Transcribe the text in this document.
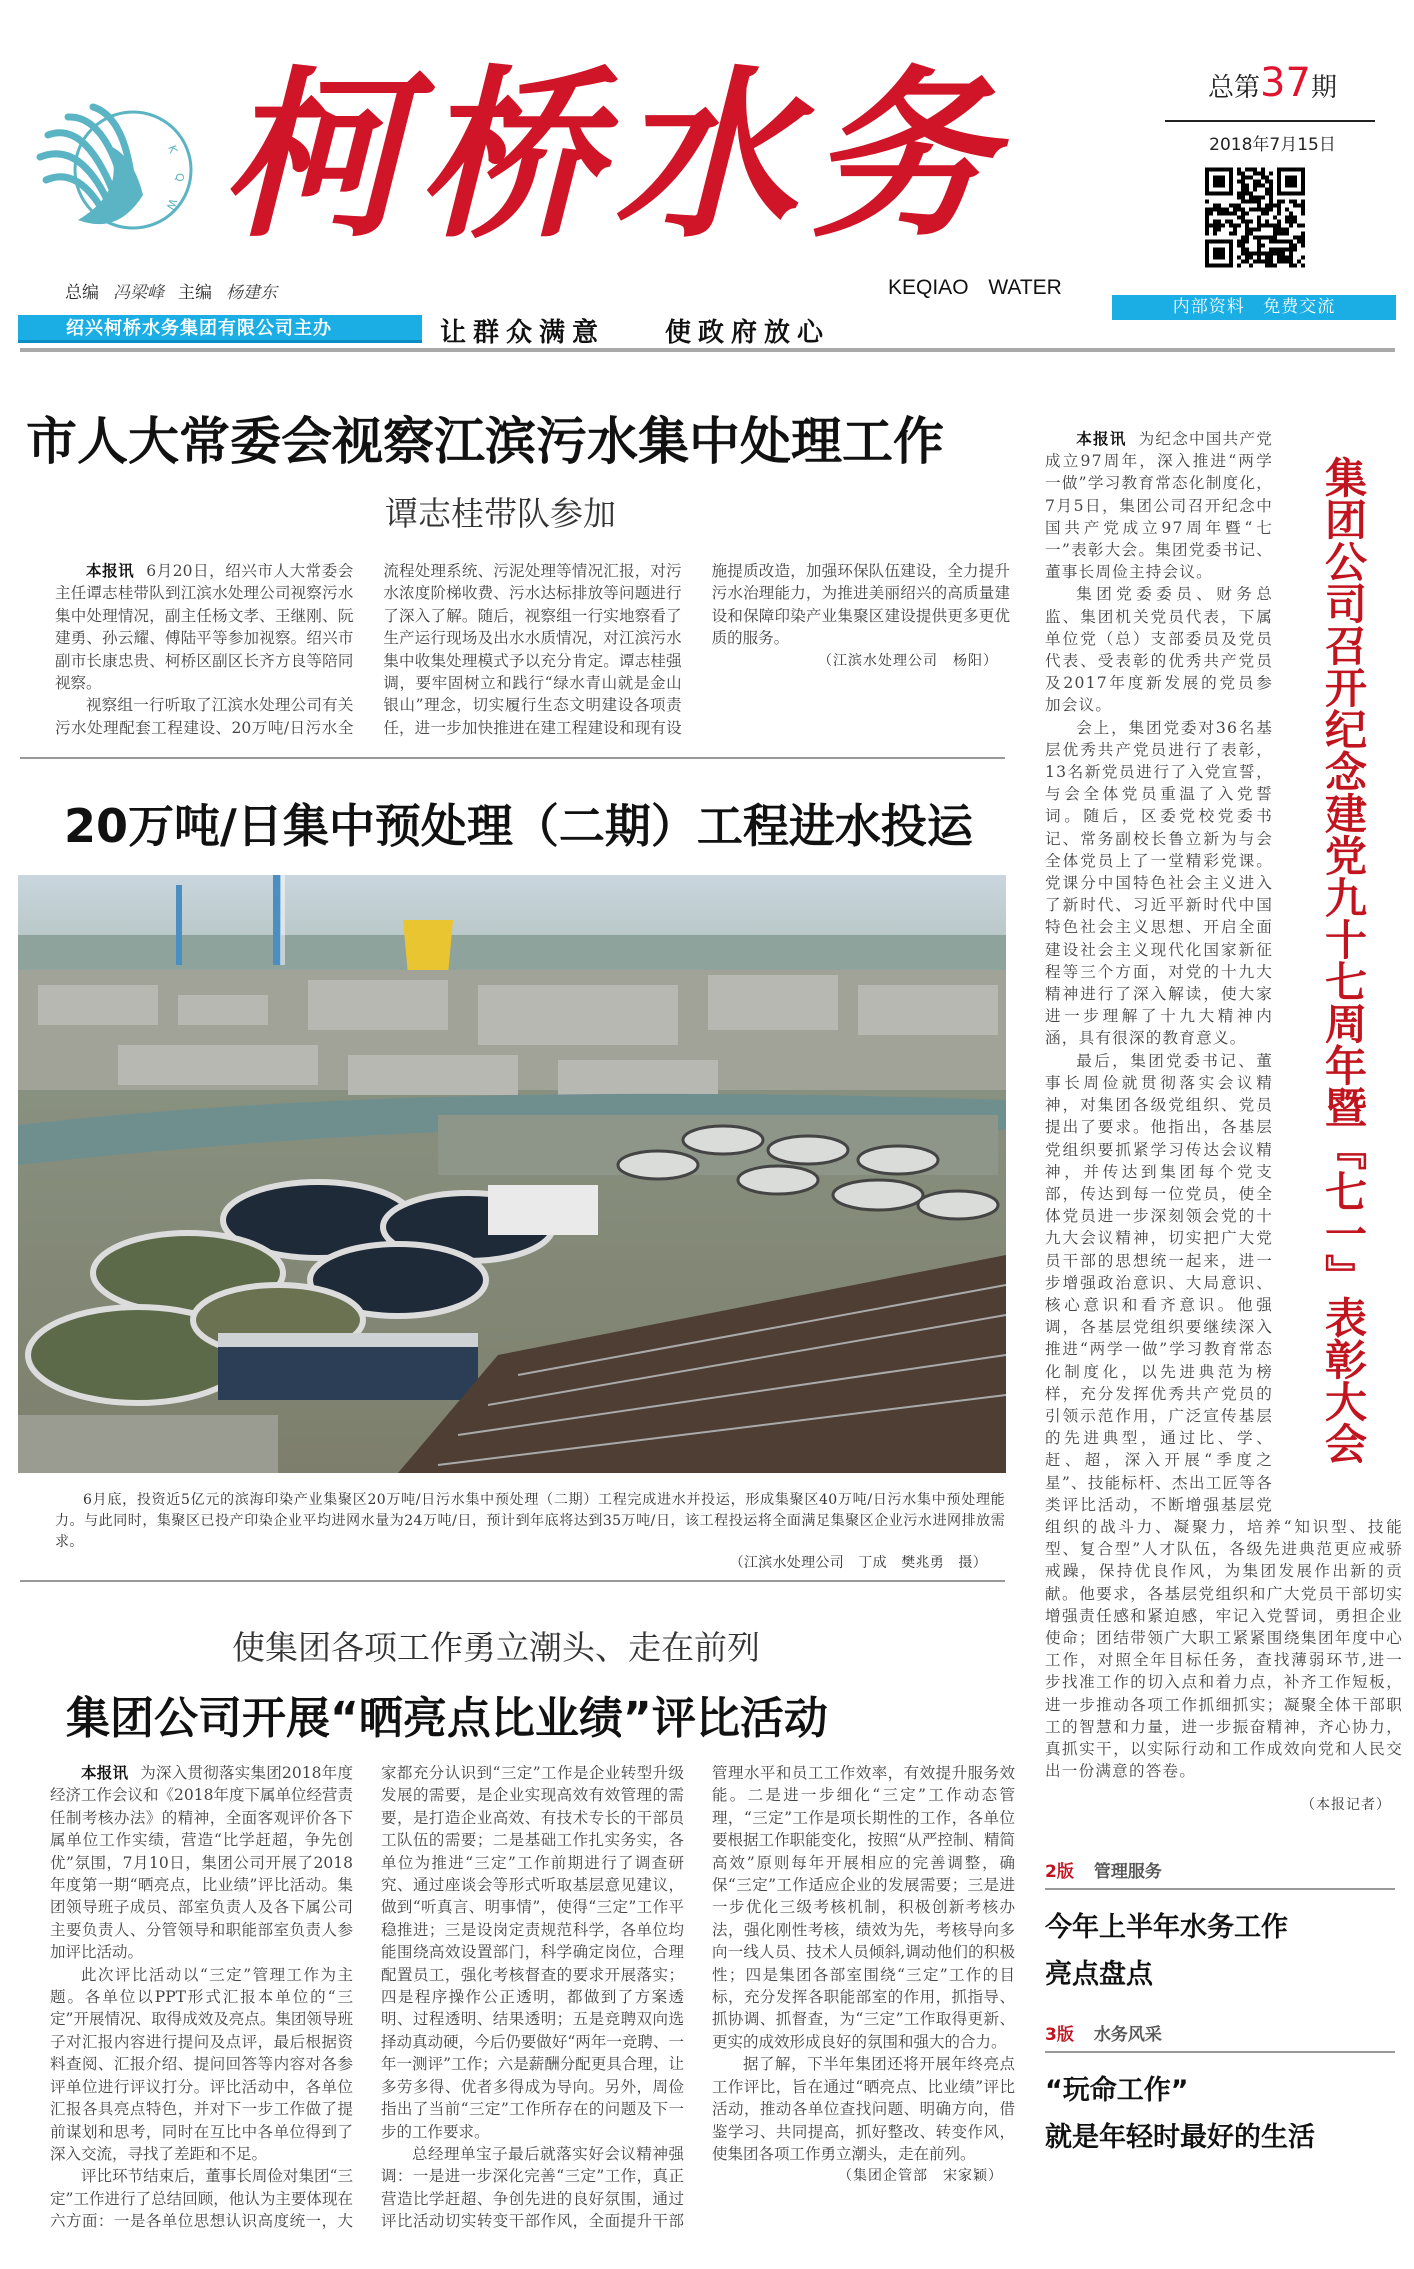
K
Q
W 柯桥水务	总第37期
2018年7月15日
总编 冯梁峰 主编 杨建东	KEQIAO WATER
绍兴柯桥水务集团有限公司主办	让群众满意 使政府放心
内部资料 免费交流
市人大常委会视察江滨污水集中处理工作
谭志桂带队参加

本报讯 6月20日，绍兴市人大常委会主任谭志桂带队到江滨水处理公司视察污水集中处理情况，副主任杨文孝、王继刚、阮建勇、孙云耀、傅陆平等参加视察。绍兴市副市长康忠贵、柯桥区副区长齐方良等陪同视察。

视察组一行听取了江滨水处理公司有关污水处理配套工程建设、20万吨/日污水全流程处理系统、污泥处理等情况汇报，对污水浓度阶梯收费、污水达标排放等问题进行了深入了解。随后，视察组一行实地察看了生产运行现场及出水水质情况，对江滨污水集中收集处理模式予以充分肯定。谭志桂强调，要牢固树立和践行“绿水青山就是金山银山”理念，切实履行生态文明建设各项责任，进一步加快推进在建工程建设和现有设施提质改造，加强环保队伍建设，全力提升污水治理能力，为推进美丽绍兴的高质量建设和保障印染产业集聚区建设提供更多更优质的服务。

（江滨水处理公司　杨阳）
20万吨/日集中预处理（二期）工程进水投运

6月底，投资近5亿元的滨海印染产业集聚区20万吨/日污水集中预处理（二期）工程完成进水并投运，形成集聚区40万吨/日污水集中预处理能力。与此同时，集聚区已投产印染企业平均进网水量为24万吨/日，预计到年底将达到35万吨/日，该工程投运将全面满足集聚区企业污水进网排放需求。

（江滨水处理公司　丁成　樊兆勇　摄）
使集团各项工作勇立潮头、走在前列
集团公司开展“晒亮点比业绩”评比活动

本报讯 为深入贯彻落实集团2018年度经济工作会议和《2018年度下属单位经营责任制考核办法》的精神，全面客观评价各下属单位工作实绩，营造“比学赶超，争先创优”氛围，7月10日，集团公司开展了2018年度第一期“晒亮点，比业绩”评比活动。集团领导班子成员、部室负责人及各下属公司主要负责人、分管领导和职能部室负责人参加评比活动。

此次评比活动以“三定”管理工作为主题。各单位以PPT形式汇报本单位的“三定”开展情况、取得成效及亮点。集团领导班子对汇报内容进行提问及点评，最后根据资料查阅、汇报介绍、提问回答等内容对各参评单位进行评议打分。评比活动中，各单位汇报各具亮点特色，并对下一步工作做了提前谋划和思考，同时在互比中各单位得到了深入交流，寻找了差距和不足。

评比环节结束后，董事长周俭对集团“三定”工作进行了总结回顾，他认为主要体现在六方面：一是各单位思想认识高度统一，大家都充分认识到“三定”工作是企业转型升级发展的需要，是企业实现高效有效管理的需要，是打造企业高效、有技术专长的干部员工队伍的需要；二是基础工作扎实务实，各单位为推进“三定”工作前期进行了调查研究、通过座谈会等形式听取基层意见建议，做到“听真言、明事情”，使得“三定”工作平稳推进；三是设岗定责规范科学，各单位均能围绕高效设置部门，科学确定岗位，合理配置员工，强化考核督查的要求开展落实；四是程序操作公正透明，都做到了方案透明、过程透明、结果透明；五是竞聘双向选择动真动硬，今后仍要做好“两年一竞聘、一年一测评”工作；六是薪酬分配更具合理，让多劳多得、优者多得成为导向。另外，周俭指出了当前“三定”工作所存在的问题及下一步的工作要求。

总经理单宝子最后就落实好会议精神强调：一是进一步深化完善“三定”工作，真正营造比学赶超、争创先进的良好氛围，通过评比活动切实转变干部作风，全面提升干部管理水平和员工工作效率，有效提升服务效能。二是进一步细化“三定”工作动态管理，“三定”工作是项长期性的工作，各单位要根据工作职能变化，按照“从严控制、精简高效”原则每年开展相应的完善调整，确保“三定”工作适应企业的发展需要；三是进一步优化三级考核机制，积极创新考核办法，强化刚性考核，绩效为先，考核导向多向一线人员、技术人员倾斜,调动他们的积极性；四是集团各部室围绕“三定”工作的目标，充分发挥各职能部室的作用，抓指导、抓协调、抓督查，为“三定”工作取得更新、更实的成效形成良好的氛围和强大的合力。

据了解，下半年集团还将开展年终亮点工作评比，旨在通过“晒亮点、比业绩”评比活动，推动各单位查找问题、明确方向，借鉴学习、共同提高，抓好整改、转变作风，使集团各项工作勇立潮头，走在前列。

（集团企管部　宋家颖）
集团公司召开纪念建党九十七周年暨『七一』表彰大会

本报讯 为纪念中国共产党成立97周年，深入推进“两学一做”学习教育常态化制度化，7月5日，集团公司召开纪念中国共产党成立97周年暨“七一”表彰大会。集团党委书记、董事长周俭主持会议。

集团党委委员、财务总监、集团机关党员代表，下属单位党（总）支部委员及党员代表、受表彰的优秀共产党员及2017年度新发展的党员参加会议。

会上，集团党委对36名基层优秀共产党员进行了表彰，13名新党员进行了入党宣誓，与会全体党员重温了入党誓词。随后，区委党校党委书记、常务副校长鲁立新为与会全体党员上了一堂精彩党课。党课分中国特色社会主义进入了新时代、习近平新时代中国特色社会主义思想、开启全面建设社会主义现代化国家新征程等三个方面，对党的十九大精神进行了深入解读，使大家进一步理解了十九大精神内涵，具有很深的教育意义。

最后，集团党委书记、董事长周俭就贯彻落实会议精神，对集团各级党组织、党员提出了要求。他指出，各基层党组织要抓紧学习传达会议精神，并传达到集团每个党支部，传达到每一位党员，使全体党员进一步深刻领会党的十九大会议精神，切实把广大党员干部的思想统一起来，进一步增强政治意识、大局意识、核心意识和看齐意识。他强调，各基层党组织要继续深入推进“两学一做”学习教育常态化制度化，以先进典范为榜样，充分发挥优秀共产党员的引领示范作用，广泛宣传基层的先进典型，通过比、学、赶、超，深入开展“季度之星”、技能标杆、杰出工匠等各类评比活动，不断增强基层党组织的战斗力、凝聚力，培养“知识型、技能型、复合型”人才队伍，各级先进典范更应戒骄戒躁，保持优良作风，为集团发展作出新的贡献。他要求，各基层党组织和广大党员干部切实增强责任感和紧迫感，牢记入党誓词，勇担企业使命；团结带领广大职工紧紧围绕集团年度中心工作，对照全年目标任务，查找薄弱环节,进一步找准工作的切入点和着力点，补齐工作短板，进一步推动各项工作抓细抓实；凝聚全体干部职工的智慧和力量，进一步振奋精神，齐心协力，真抓实干，以实际行动和工作成效向党和人民交出一份满意的答卷。

（本报记者）
2版 管理服务
今年上半年水务工作
亮点盘点
3版 水务风采
“玩命工作”
就是年轻时最好的生活
